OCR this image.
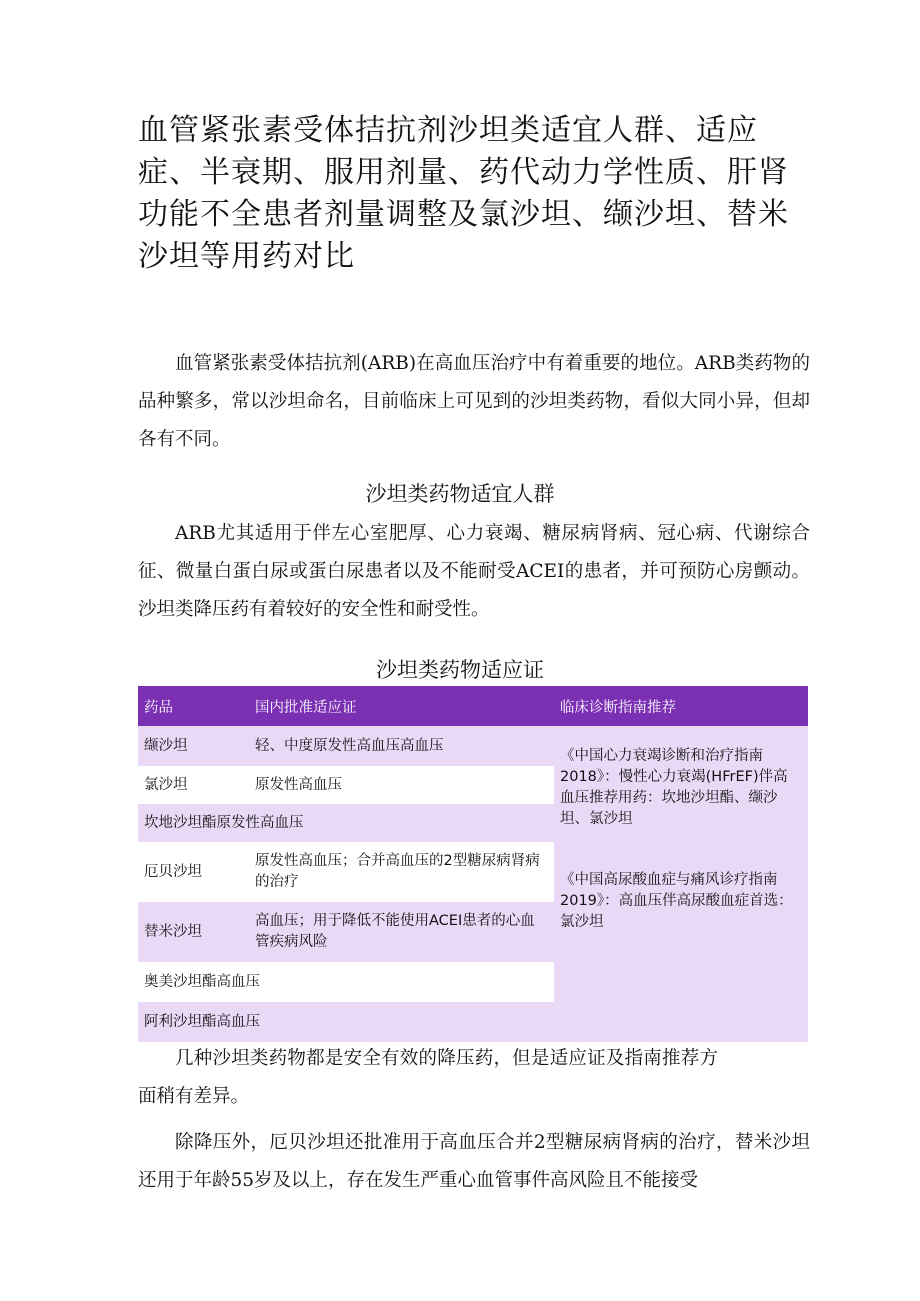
血管紧张素受体拮抗剂沙坦类适宜人群、适应症、半衰期、服用剂量、药代动力学性质、肝肾功能不全患者剂量调整及氯沙坦、缬沙坦、替米沙坦等用药对比

血管紧张素受体拮抗剂(ARB)在高血压治疗中有着重要的地位。ARB类药物的品种繁多，常以沙坦命名，目前临床上可见到的沙坦类药物，看似大同小异，但却各有不同。

沙坦类药物适宜人群

ARB尤其适用于伴左心室肥厚、心力衰竭、糖尿病肾病、冠心病、代谢综合征、微量白蛋白尿或蛋白尿患者以及不能耐受ACEI的患者，并可预防心房颤动。沙坦类降压药有着较好的安全性和耐受性。

沙坦类药物适应证
药品	国内批准适应证	临床诊断指南推荐
缬沙坦	轻、中度原发性高血压高血压	《中国心力衰竭诊断和治疗指南2018》：慢性心力衰竭(HFrEF)伴高血压推荐用药：坎地沙坦酯、缬沙坦、氯沙坦

氯沙坦	原发性高血压	
坎地沙坦酯原发性高血压		
厄贝沙坦	原发性高血压；合并高血压的2型糖尿病肾病的治疗	《中国高尿酸血症与痛风诊疗指南2019》：高血压伴高尿酸血症首选：氯沙坦

替米沙坦	高血压；用于降低不能使用ACEI患者的心血管疾病风险	
奥美沙坦酯高血压		
阿利沙坦酯高血压		

几种沙坦类药物都是安全有效的降压药，但是适应证及指南推荐方面稍有差异。

除降压外，厄贝沙坦还批准用于高血压合并2型糖尿病肾病的治疗，替米沙坦还用于年龄55岁及以上，存在发生严重心血管事件高风险且不能接受
